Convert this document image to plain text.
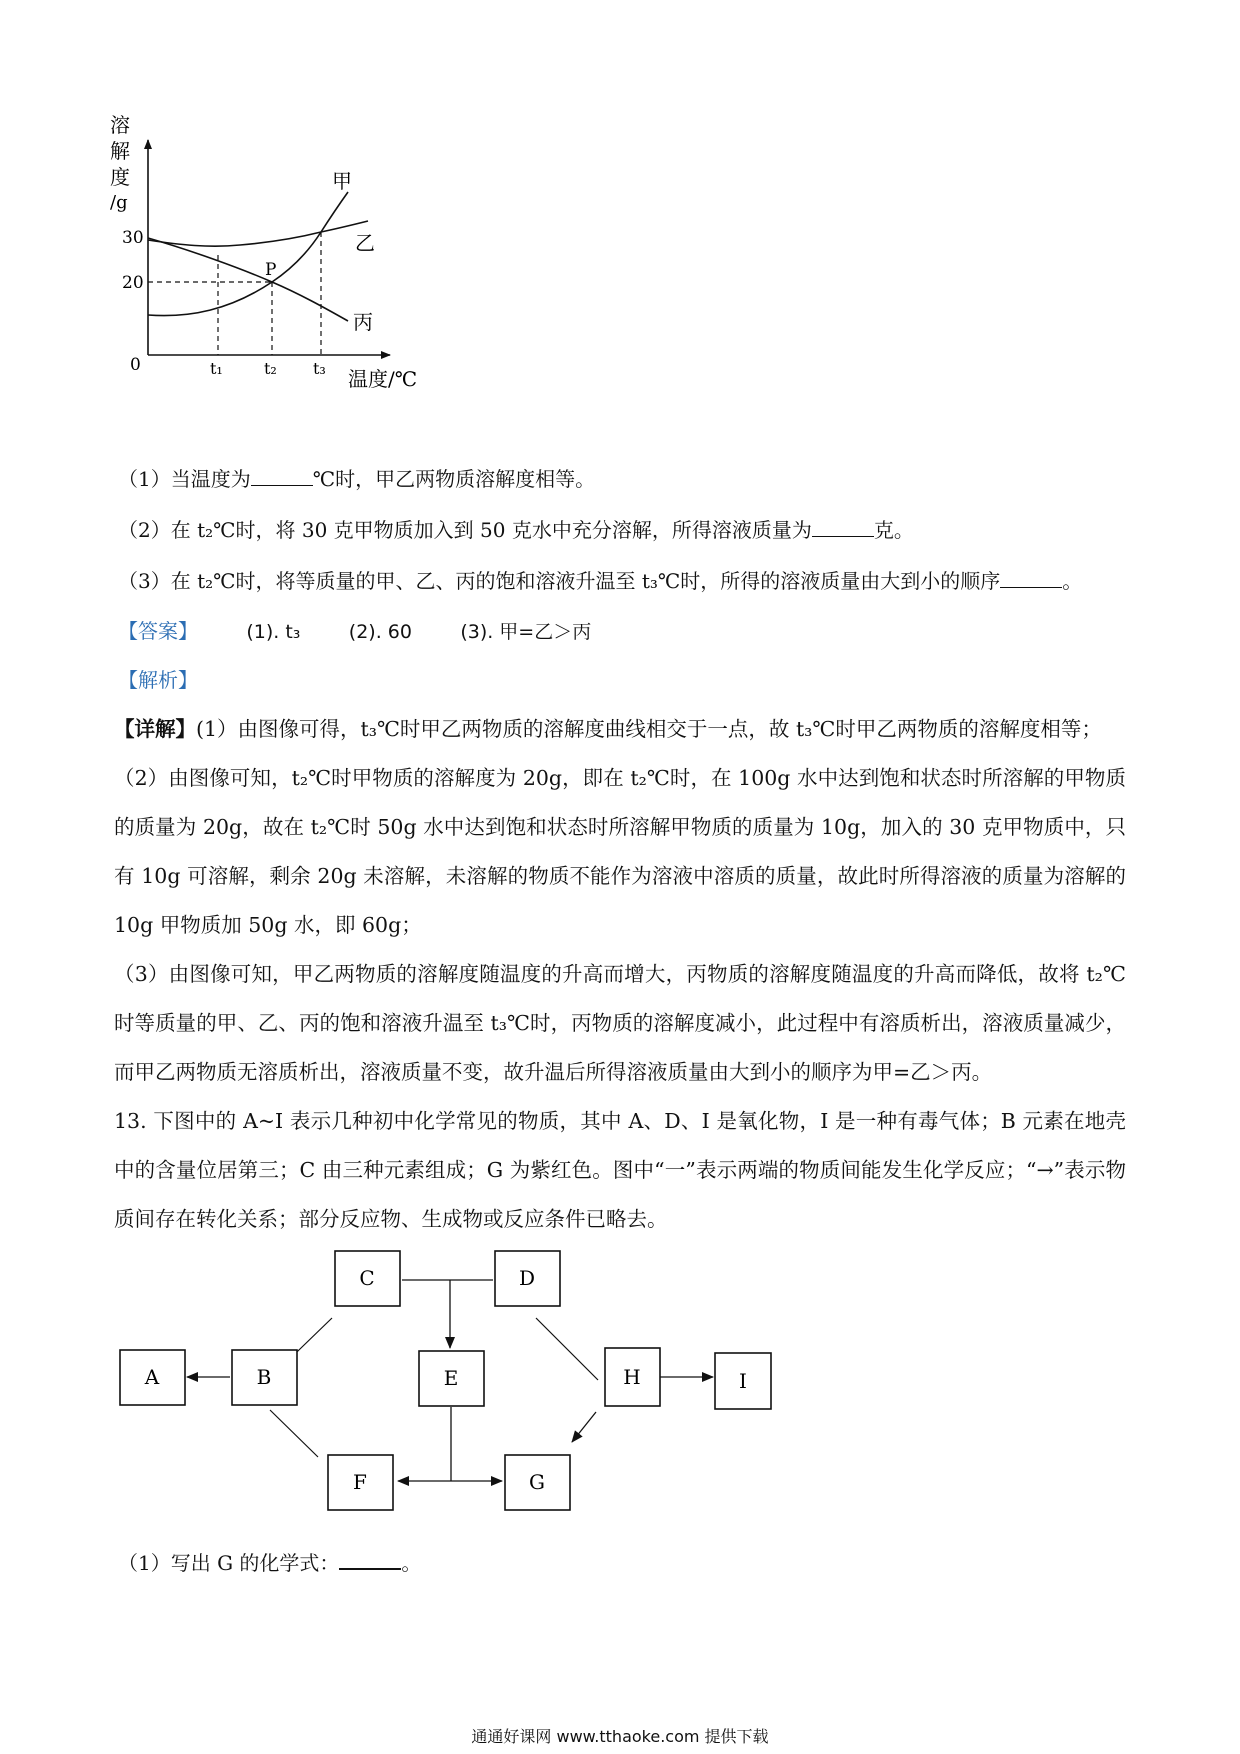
溶
解
度
/g
30
20
0
甲
乙
丙
P
t₁	t₂ t₃ 温度/℃
（1）当温度为	℃时，甲乙两物质溶解度相等。
（2）在 t₂℃时，将 30 克甲物质加入到 50 克水中充分溶解，所得溶液质量为	克。
（3）在 t₂℃时，将等质量的甲、乙、丙的饱和溶液升温至 t₃℃时，所得的溶液质量由大到小的顺序	。
【答案】	(1). t₃	(2). 60	(3). 甲=乙＞丙
【解析】
【详解】(1）由图像可得，t₃℃时甲乙两物质的溶解度曲线相交于一点，故 t₃℃时甲乙两物质的溶解度相等；
（2）由图像可知，t₂℃时甲物质的溶解度为 20g，即在 t₂℃时，在 100g 水中达到饱和状态时所溶解的甲物质的质量为 20g，故在 t₂℃时 50g 水中达到饱和状态时所溶解甲物质的质量为 10g，加入的 30 克甲物质中，只有 10g 可溶解，剩余 20g 未溶解，未溶解的物质不能作为溶液中溶质的质量，故此时所得溶液的质量为溶解的 10g 甲物质加 50g 水，即 60g；
（3）由图像可知，甲乙两物质的溶解度随温度的升高而增大，丙物质的溶解度随温度的升高而降低，故将 t₂℃时等质量的甲、乙、丙的饱和溶液升温至 t₃℃时，丙物质的溶解度减小，此过程中有溶质析出，溶液质量减少，而甲乙两物质无溶质析出，溶液质量不变，故升温后所得溶液质量由大到小的顺序为甲=乙＞丙。
13. 下图中的 A~I 表示几种初中化学常见的物质，其中 A、D、I 是氧化物，I 是一种有毒气体；B 元素在地壳中的含量位居第三；C 由三种元素组成；G 为紫红色。图中“一”表示两端的物质间能发生化学反应；“→”表示物质间存在转化关系；部分反应物、生成物或反应条件已略去。
A	B
C	D
E
F	G
H	I
（1）写出 G 的化学式：	。
通通好课网 www.tthaoke.com 提供下载
